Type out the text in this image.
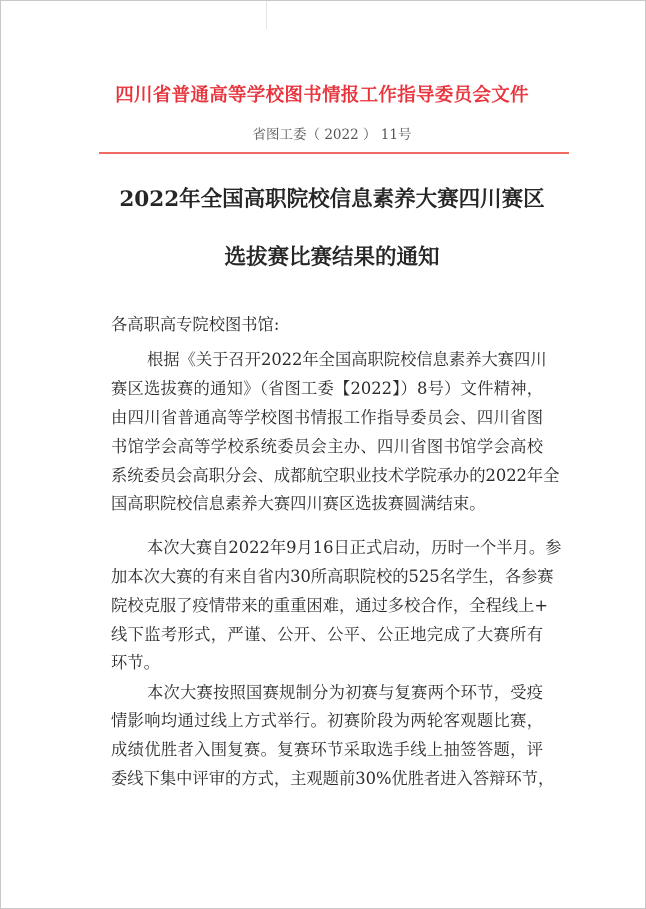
四川省普通高等学校图书情报工作指导委员会文件
省图工委（ 2022 ） 11号
2022年全国高职院校信息素养大赛四川赛区
选拔赛比赛结果的通知
各高职高专院校图书馆:
根据《关于召开2022年全国高职院校信息素养大赛四川
赛区选拔赛的通知》（省图工委【2022】）8号）文件精神，
由四川省普通高等学校图书情报工作指导委员会、四川省图
书馆学会高等学校系统委员会主办、四川省图书馆学会高校
系统委员会高职分会、成都航空职业技术学院承办的2022年全
国高职院校信息素养大赛四川赛区选拔赛圆满结束。
本次大赛自2022年9月16日正式启动，历时一个半月。参
加本次大赛的有来自省内30所高职院校的525名学生，各参赛
院校克服了疫情带来的重重困难，通过多校合作，全程线上+
线下监考形式，严谨、公开、公平、公正地完成了大赛所有
环节。
本次大赛按照国赛规制分为初赛与复赛两个环节，受疫
情影响均通过线上方式举行。初赛阶段为两轮客观题比赛，
成绩优胜者入围复赛。复赛环节采取选手线上抽签答题，评
委线下集中评审的方式，主观题前30%优胜者进入答辩环节，
